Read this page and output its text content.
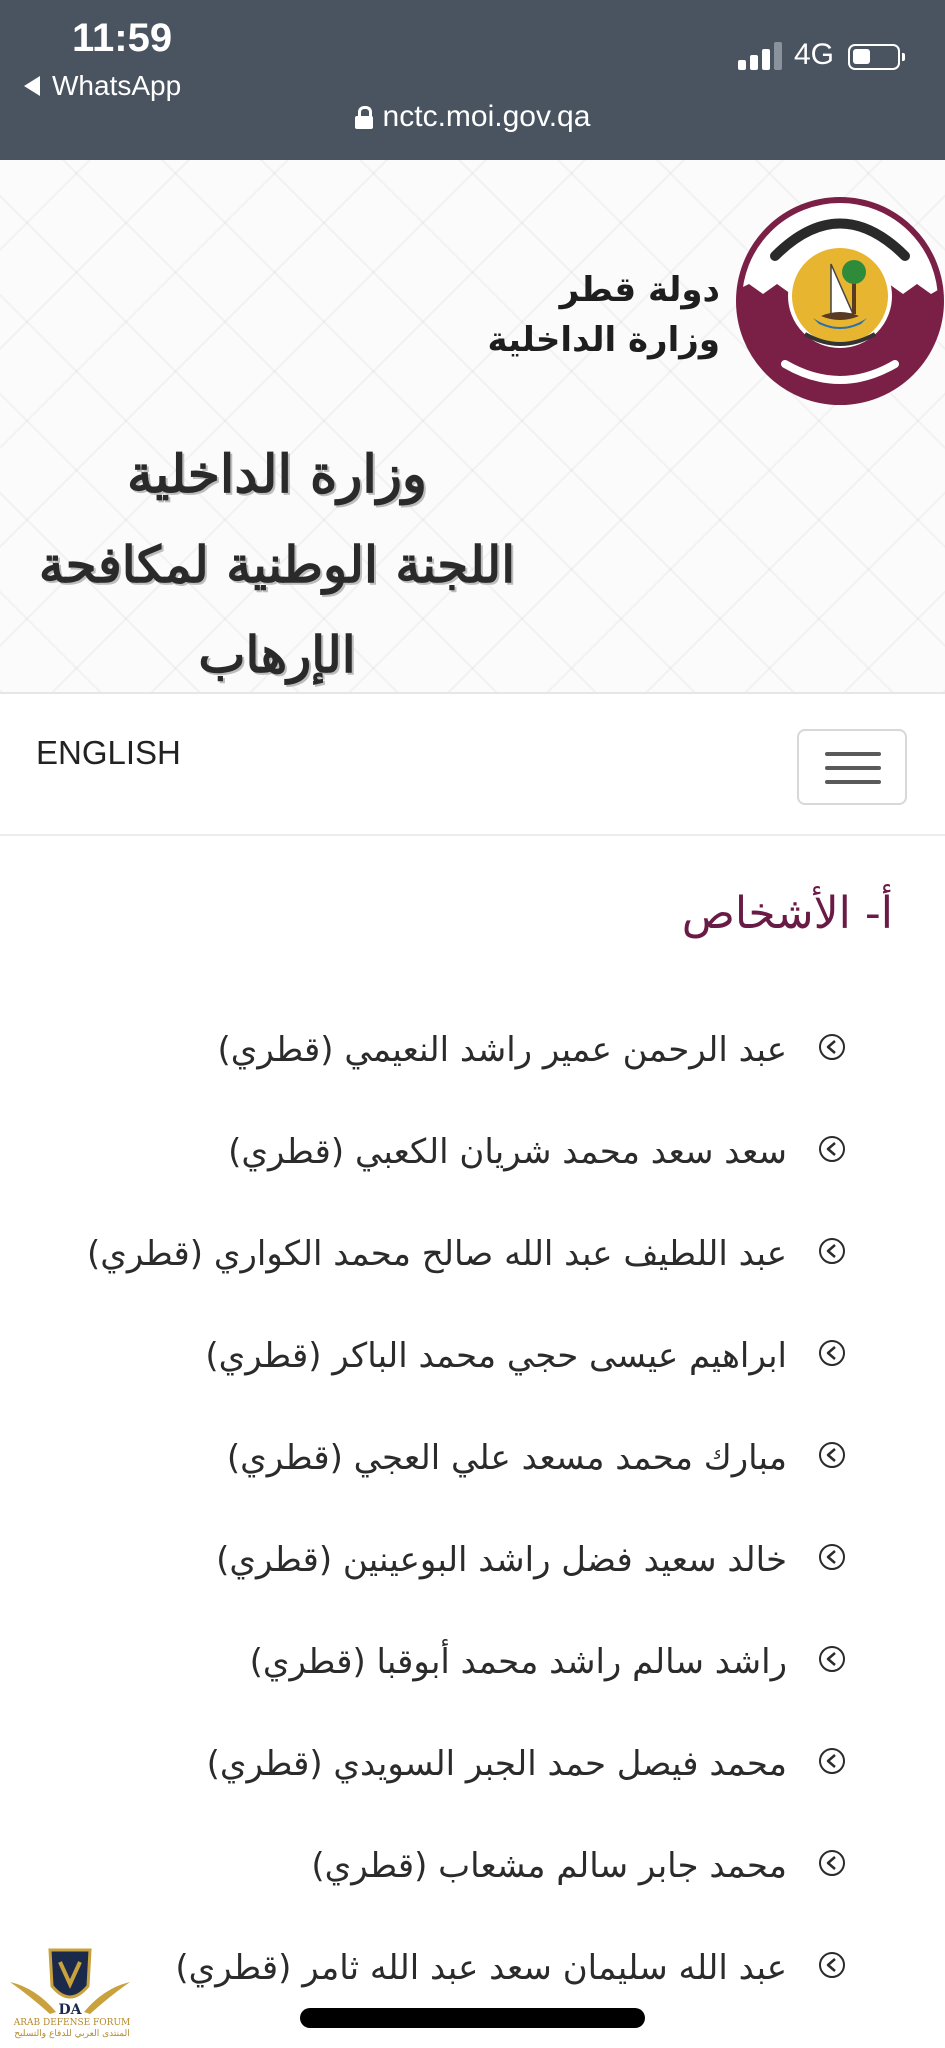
11:59
WhatsApp
4G
nctc.moi.gov.qa
دولة قطر
وزارة الداخلية
وزارة الداخلية
اللجنة الوطنية لمكافحة الإرهاب
ENGLISH
أ- الأشخاص
عبد الرحمن عمير راشد النعيمي (قطري)
سعد سعد محمد شريان الكعبي (قطري)
عبد اللطيف عبد الله صالح محمد الكواري (قطري)
ابراهيم عيسى حجي محمد الباكر (قطري)
مبارك محمد مسعد علي العجي (قطري)
خالد سعيد فضل راشد البوعينين (قطري)
راشد سالم راشد محمد أبوقبا (قطري)
محمد فيصل حمد الجبر السويدي (قطري)
محمد جابر سالم مشعاب (قطري)
عبد الله سليمان سعد عبد الله ثامر (قطري)
DA
ARAB DEFENSE FORUM
المنتدى العربي للدفاع والتسليح
